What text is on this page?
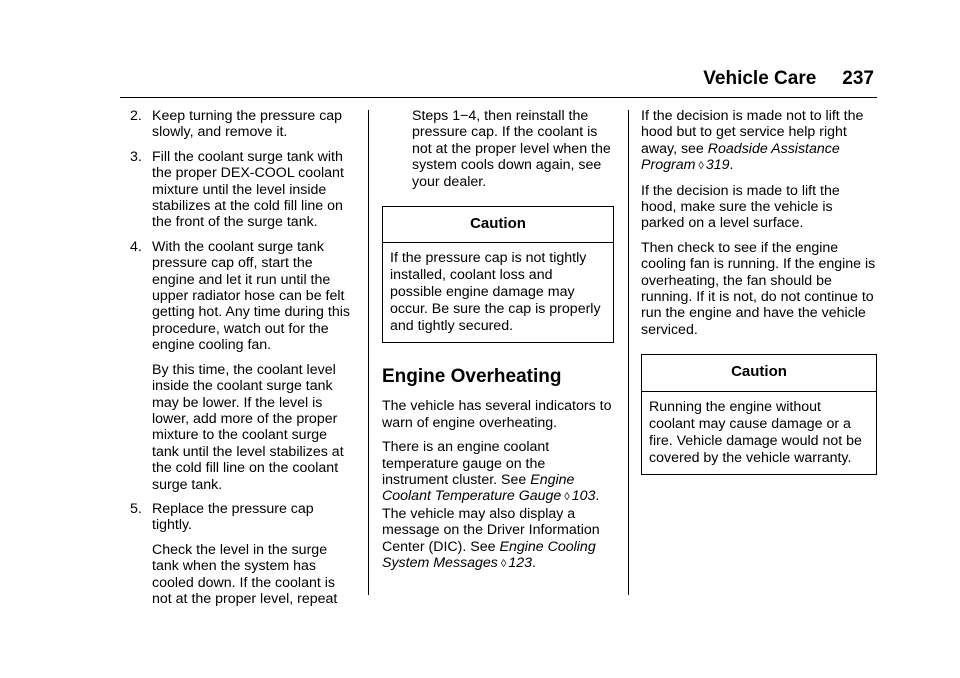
Vehicle Care 237
2. Keep turning the pressure cap slowly, and remove it.
3. Fill the coolant surge tank with the proper DEX-COOL coolant mixture until the level inside stabilizes at the cold fill line on the front of the surge tank.
4. With the coolant surge tank pressure cap off, start the engine and let it run until the upper radiator hose can be felt getting hot. Any time during this procedure, watch out for the engine cooling fan.
By this time, the coolant level inside the coolant surge tank may be lower. If the level is lower, add more of the proper mixture to the coolant surge tank until the level stabilizes at the cold fill line on the coolant surge tank.
5. Replace the pressure cap tightly.
Check the level in the surge tank when the system has cooled down. If the coolant is not at the proper level, repeat

Steps 1−4, then reinstall the pressure cap. If the coolant is not at the proper level when the system cools down again, see your dealer.

Caution
If the pressure cap is not tightly installed, coolant loss and possible engine damage may occur. Be sure the cap is properly and tightly secured.
Engine Overheating

The vehicle has several indicators to warn of engine overheating.

There is an engine coolant temperature gauge on the instrument cluster. See Engine Coolant Temperature Gauge ◊ 103. The vehicle may also display a message on the Driver Information Center (DIC). See Engine Cooling System Messages ◊ 123.

If the decision is made not to lift the hood but to get service help right away, see Roadside Assistance Program ◊ 319.

If the decision is made to lift the hood, make sure the vehicle is parked on a level surface.

Then check to see if the engine cooling fan is running. If the engine is overheating, the fan should be running. If it is not, do not continue to run the engine and have the vehicle serviced.

Caution
Running the engine without coolant may cause damage or a fire. Vehicle damage would not be covered by the vehicle warranty.
